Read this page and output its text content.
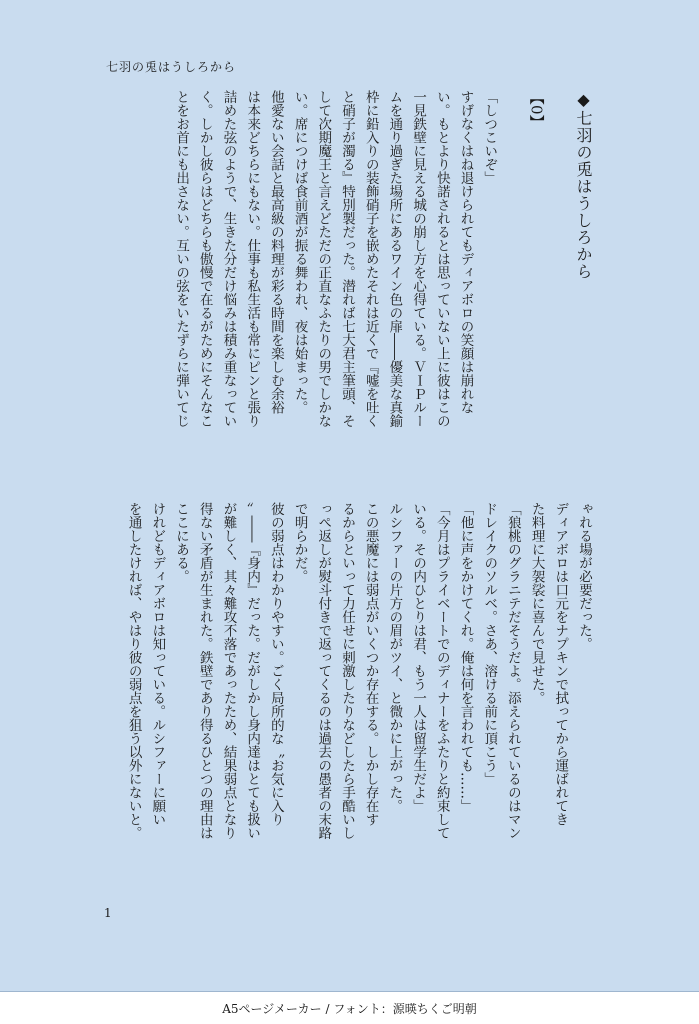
七羽の兎はうしろから

◆七羽の兎はうしろから

【0】

「しつこいぞ」

すげなくはね退けられてもディアボロの笑顔は崩れな

い。もとより快諾されるとは思っていない上に彼はこの

一見鉄壁に見える城の崩し方を心得ている。ＶＩＰルー

ムを通り過ぎた場所にあるワイン色の扉――優美な真鍮

枠に鉛入りの装飾硝子を嵌めたそれは近くで『嘘を吐く

と硝子が濁る』特別製だった。潜れば七大君主筆頭、そ

して次期魔王と言えどただの正直なふたりの男でしかな

い。席につけば食前酒が振る舞われ、夜は始まった。

他愛ない会話と最高級の料理が彩る時間を楽しむ余裕

は本来どちらにもない。仕事も私生活も常にピンと張り

詰めた弦のようで、生きた分だけ悩みは積み重なってい

く。しかし彼らはどちらも傲慢で在るがためにそんなこ

とをお首にも出さない。互いの弦をいたずらに弾いてじ

ゃれる場が必要だった。

ディアボロは口元をナプキンで拭ってから運ばれてき

た料理に大袈裟に喜んで見せた。

「狼桃のグラニテだそうだよ。添えられているのはマン

ドレイクのソルベ。さあ、溶ける前に頂こう」

「他に声をかけてくれ。俺は何を言われても……」

「今月はプライベートでのディナーをふたりと約束して

いる。その内ひとりは君、もう一人は留学生だよ」

ルシファーの片方の眉がツイ、と微かに上がった。

この悪魔には弱点がいくつか存在する。しかし存在す

るからといって力任せに刺激したりなどしたら手酷いし

っぺ返しが熨斗付きで返ってくるのは過去の愚者の末路

で明らかだ。

彼の弱点はわかりやすい。ごく局所的な〝お気に入り

〟――『身内』だった。だがしかし身内達はとても扱い

が難しく、其々難攻不落であったため、結果弱点となり

得ない矛盾が生まれた。鉄壁であり得るひとつの理由は

ここにある。

けれどもディアボロは知っている。ルシファーに願い

を通したければ、やはり彼の弱点を狙う以外にないと。

1
A5ページメーカー / フォント：源暎ちくご明朝
